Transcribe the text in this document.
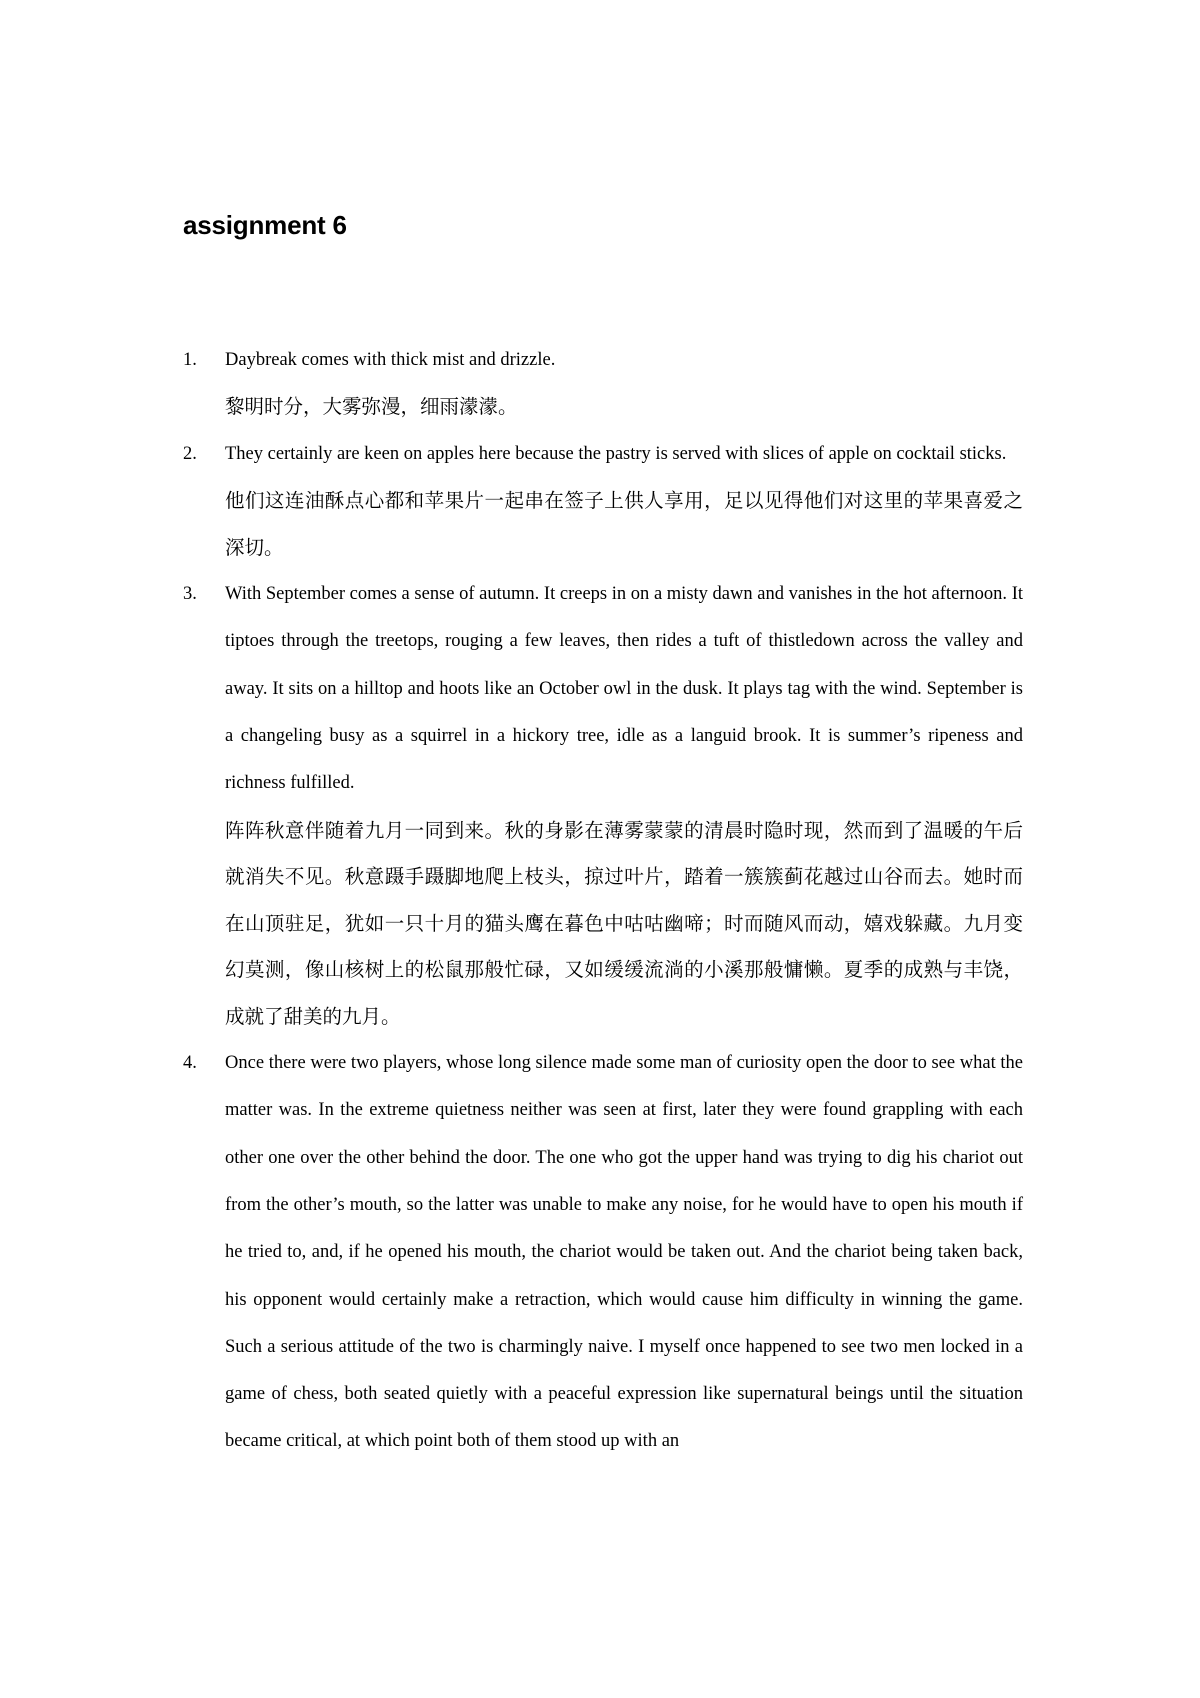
assignment 6
1.	Daybreak comes with thick mist and drizzle.

黎明时分，大雾弥漫，细雨濛濛。

2.	They certainly are keen on apples here because the pastry is served with slices of apple on cocktail sticks.

他们这连油酥点心都和苹果片一起串在签子上供人享用，足以见得他们对这里的苹果喜爱之深切。

3.	With September comes a sense of autumn. It creeps in on a misty dawn and vanishes in the hot afternoon. It tiptoes through the treetops, rouging a few leaves, then rides a tuft of thistledown across the valley and away. It sits on a hilltop and hoots like an October owl in the dusk. It plays tag with the wind. September is a changeling busy as a squirrel in a hickory tree, idle as a languid brook. It is summer’s ripeness and richness fulfilled.

阵阵秋意伴随着九月一同到来。秋的身影在薄雾蒙蒙的清晨时隐时现，然而到了温暖的午后就消失不见。秋意蹑手蹑脚地爬上枝头，掠过叶片，踏着一簇簇蓟花越过山谷而去。她时而在山顶驻足，犹如一只十月的猫头鹰在暮色中咕咕幽啼；时而随风而动，嬉戏躲藏。九月变幻莫测，像山核树上的松鼠那般忙碌，又如缓缓流淌的小溪那般慵懒。夏季的成熟与丰饶，成就了甜美的九月。

4.	Once there were two players, whose long silence made some man of curiosity open the door to see what the matter was. In the extreme quietness neither was seen at first, later they were found grappling with each other one over the other behind the door. The one who got the upper hand was trying to dig his chariot out from the other’s mouth, so the latter was unable to make any noise, for he would have to open his mouth if he tried to, and, if he opened his mouth, the chariot would be taken out. And the chariot being taken back, his opponent would certainly make a retraction, which would cause him difficulty in winning the game. Such a serious attitude of the two is charmingly naive. I myself once happened to see two men locked in a game of chess, both seated quietly with a peaceful expression like supernatural beings until the situation became critical, at which point both of them stood up with an
